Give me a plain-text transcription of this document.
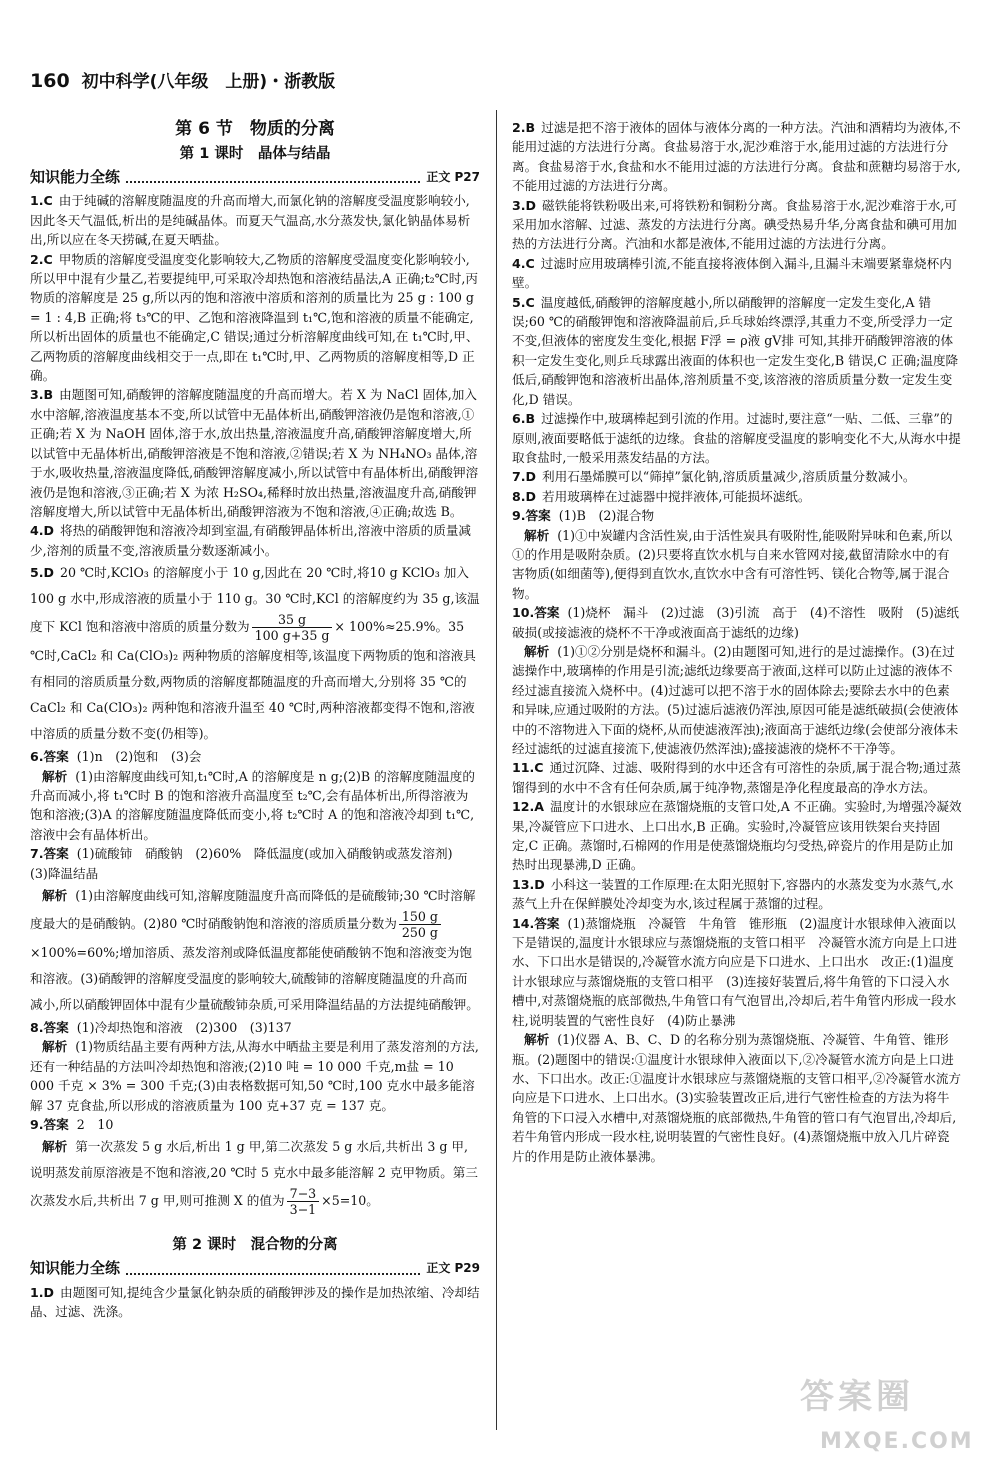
160 初中科学(八年级　上册)・浙教版
第 6 节　物质的分离
第 1 课时　晶体与结晶
知识能力全练	正文 P27

1.C 由于纯碱的溶解度随温度的升高而增大,而氯化钠的溶解度受温度影响较小,因此冬天气温低,析出的是纯碱晶体。而夏天气温高,水分蒸发快,氯化钠晶体易析出,所以应在冬天捞碱,在夏天晒盐。

2.C 甲物质的溶解度受温度变化影响较大,乙物质的溶解度受温度变化影响较小,所以甲中混有少量乙,若要提纯甲,可采取冷却热饱和溶液结晶法,A 正确;t₂℃时,丙物质的溶解度是 25 g,所以丙的饱和溶液中溶质和溶剂的质量比为 25 g : 100 g = 1 : 4,B 正确;将 t₃℃的甲、乙饱和溶液降温到 t₁℃,饱和溶液的质量不能确定,所以析出固体的质量也不能确定,C 错误;通过分析溶解度曲线可知,在 t₁℃时,甲、乙两物质的溶解度曲线相交于一点,即在 t₁℃时,甲、乙两物质的溶解度相等,D 正确。

3.B 由题图可知,硝酸钾的溶解度随温度的升高而增大。若 X 为 NaCl 固体,加入水中溶解,溶液温度基本不变,所以试管中无晶体析出,硝酸钾溶液仍是饱和溶液,①正确;若 X 为 NaOH 固体,溶于水,放出热量,溶液温度升高,硝酸钾溶解度增大,所以试管中无晶体析出,硝酸钾溶液是不饱和溶液,②错误;若 X 为 NH₄NO₃ 晶体,溶于水,吸收热量,溶液温度降低,硝酸钾溶解度减小,所以试管中有晶体析出,硝酸钾溶液仍是饱和溶液,③正确;若 X 为浓 H₂SO₄,稀释时放出热量,溶液温度升高,硝酸钾溶解度增大,所以试管中无晶体析出,硝酸钾溶液为不饱和溶液,④正确;故选 B。

4.D 将热的硝酸钾饱和溶液冷却到室温,有硝酸钾晶体析出,溶液中溶质的质量减少,溶剂的质量不变,溶液质量分数逐渐减小。

5.D 20 ℃时,KClO₃ 的溶解度小于 10 g,因此在 20 ℃时,将10 g KClO₃ 加入 100 g 水中,形成溶液的质量小于 110 g。30 ℃时,KCl 的溶解度约为 35 g,该温度下 KCl 饱和溶液中溶质的质量分数为 $\frac{35 g}{100 g+35 g} \times 100\%\approx 25.9\%$。35 ℃时,CaCl₂ 和 Ca(ClO₃)₂ 两种物质的溶解度相等,该温度下两物质的饱和溶液具有相同的溶质质量分数,两物质的溶解度都随温度的升高而增大,分别将 35 ℃的 CaCl₂ 和 Ca(ClO₃)₂ 两种饱和溶液升温至 40 ℃时,两种溶液都变得不饱和,溶液中溶质的质量分数不变(仍相等)。

6.答案 (1)n　(2)饱和　(3)会

解析 (1)由溶解度曲线可知,t₁℃时,A 的溶解度是 n g;(2)B 的溶解度随温度的升高而减小,将 t₁℃时 B 的饱和溶液升高温度至 t₂℃,会有晶体析出,所得溶液为饱和溶液;(3)A 的溶解度随温度降低而变小,将 t₂℃时 A 的饱和溶液冷却到 t₁℃,溶液中会有晶体析出。

7.答案 (1)硫酸铈　硝酸钠　(2)60%　降低温度(或加入硝酸钠或蒸发溶剂)　(3)降温结晶

解析 (1)由溶解度曲线可知,溶解度随温度升高而降低的是硫酸铈;30 ℃时溶解度最大的是硝酸钠。(2)80 ℃时硝酸钠饱和溶液的溶质质量分数为 $\frac{150 g}{250 g}$
×100%=60%;增加溶质、蒸发溶剂或降低温度都能使硝酸钠不饱和溶液变为饱和溶液。(3)硝酸钾的溶解度受温度的影响较大,硫酸铈的溶解度随温度的升高而减小,所以硝酸钾固体中混有少量硫酸铈杂质,可采用降温结晶的方法提纯硝酸钾。

8.答案 (1)冷却热饱和溶液　(2)300　(3)137

解析 (1)物质结晶主要有两种方法,从海水中晒盐主要是利用了蒸发溶剂的方法,还有一种结晶的方法叫冷却热饱和溶液;(2)10 吨 = 10 000 千克,m盐 = 10 000 千克 × 3% = 300 千克;(3)由表格数据可知,50 ℃时,100 克水中最多能溶解 37 克食盐,所以形成的溶液质量为 100 克+37 克 = 137 克。

9.答案 2　10

解析 第一次蒸发 5 g 水后,析出 1 g 甲,第二次蒸发 5 g 水后,共析出 3 g 甲,说明蒸发前原溶液是不饱和溶液,20 ℃时 5 克水中最多能溶解 2 克甲物质。第三次蒸发水后,共析出 7 g 甲,则可推测 X 的值为 $\frac{7-3}{3-1} \times 5=10$。

第 2 课时　混合物的分离
知识能力全练	正文 P29

1.D 由题图可知,提纯含少量氯化钠杂质的硝酸钾涉及的操作是加热浓缩、冷却结晶、过滤、洗涤。

2.B 过滤是把不溶于液体的固体与液体分离的一种方法。汽油和酒精均为液体,不能用过滤的方法进行分离。食盐易溶于水,泥沙难溶于水,能用过滤的方法进行分离。食盐易溶于水,食盐和水不能用过滤的方法进行分离。食盐和蔗糖均易溶于水,不能用过滤的方法进行分离。

3.D 磁铁能将铁粉吸出来,可将铁粉和铜粉分离。食盐易溶于水,泥沙难溶于水,可采用加水溶解、过滤、蒸发的方法进行分离。碘受热易升华,分离食盐和碘可用加热的方法进行分离。汽油和水都是液体,不能用过滤的方法进行分离。

4.C 过滤时应用玻璃棒引流,不能直接将液体倒入漏斗,且漏斗末端要紧靠烧杯内壁。

5.C 温度越低,硝酸钾的溶解度越小,所以硝酸钾的溶解度一定发生变化,A 错误;60 ℃的硝酸钾饱和溶液降温前后,乒乓球始终漂浮,其重力不变,所受浮力一定不变,但液体的密度发生变化,根据 F浮 = ρ液 gV排 可知,其排开硝酸钾溶液的体积一定发生变化,则乒乓球露出液面的体积也一定发生变化,B 错误,C 正确;温度降低后,硝酸钾饱和溶液析出晶体,溶剂质量不变,该溶液的溶质质量分数一定发生变化,D 错误。

6.B 过滤操作中,玻璃棒起到引流的作用。过滤时,要注意“一贴、二低、三靠”的原则,液面要略低于滤纸的边缘。食盐的溶解度受温度的影响变化不大,从海水中提取食盐时,一般采用蒸发结晶的方法。

7.D 利用石墨烯膜可以“筛掉”氯化钠,溶质质量减少,溶质质量分数减小。

8.D 若用玻璃棒在过滤器中搅拌液体,可能损坏滤纸。

9.答案 (1)B　(2)混合物

解析 (1)①中炭罐内含活性炭,由于活性炭具有吸附性,能吸附异味和色素,所以①的作用是吸附杂质。(2)只要将直饮水机与自来水管网对接,截留清除水中的有害物质(如细菌等),便得到直饮水,直饮水中含有可溶性钙、镁化合物等,属于混合物。

10.答案 (1)烧杯　漏斗　(2)过滤　(3)引流　高于　(4)不溶性　吸附　(5)滤纸破损(或接滤液的烧杯不干净或液面高于滤纸的边缘)

解析 (1)①②分别是烧杯和漏斗。(2)由题图可知,进行的是过滤操作。(3)在过滤操作中,玻璃棒的作用是引流;滤纸边缘要高于液面,这样可以防止过滤的液体不经过滤直接流入烧杯中。(4)过滤可以把不溶于水的固体除去;要除去水中的色素和异味,应通过吸附的方法。(5)过滤后滤液仍浑浊,原因可能是滤纸破损(会使液体中的不溶物进入下面的烧杯,从而使滤液浑浊);液面高于滤纸边缘(会使部分液体未经过滤纸的过滤直接流下,使滤液仍然浑浊);盛接滤液的烧杯不干净等。

11.C 通过沉降、过滤、吸附得到的水中还含有可溶性的杂质,属于混合物;通过蒸馏得到的水中不含有任何杂质,属于纯净物,蒸馏是净化程度最高的净水方法。

12.A 温度计的水银球应在蒸馏烧瓶的支管口处,A 不正确。实验时,为增强冷凝效果,冷凝管应下口进水、上口出水,B 正确。实验时,冷凝管应该用铁架台夹持固定,C 正确。蒸馏时,石棉网的作用是使蒸馏烧瓶均匀受热,碎瓷片的作用是防止加热时出现暴沸,D 正确。

13.D 小科这一装置的工作原理:在太阳光照射下,容器内的水蒸发变为水蒸气,水蒸气上升在保鲜膜处冷却变为水,该过程属于蒸馏的过程。

14.答案 (1)蒸馏烧瓶　冷凝管　牛角管　锥形瓶　(2)温度计水银球伸入液面以下是错误的,温度计水银球应与蒸馏烧瓶的支管口相平　冷凝管水流方向是上口进水、下口出水是错误的,冷凝管水流方向应是下口进水、上口出水　改正:(1)温度计水银球应与蒸馏烧瓶的支管口相平　(3)连接好装置后,将牛角管的下口浸入水槽中,对蒸馏烧瓶的底部微热,牛角管口有气泡冒出,冷却后,若牛角管内形成一段水柱,说明装置的气密性良好　(4)防止暴沸

解析 (1)仪器 A、B、C、D 的名称分别为蒸馏烧瓶、冷凝管、牛角管、锥形瓶。(2)题图中的错误:①温度计水银球伸入液面以下,②冷凝管水流方向是上口进水、下口出水。改正:①温度计水银球应与蒸馏烧瓶的支管口相平,②冷凝管水流方向应是下口进水、上口出水。(3)实验装置改正后,进行气密性检查的方法为将牛角管的下口浸入水槽中,对蒸馏烧瓶的底部微热,牛角管的管口有气泡冒出,冷却后,若牛角管内形成一段水柱,说明装置的气密性良好。(4)蒸馏烧瓶中放入几片碎瓷片的作用是防止液体暴沸。

答案圈
MXQE.COM
